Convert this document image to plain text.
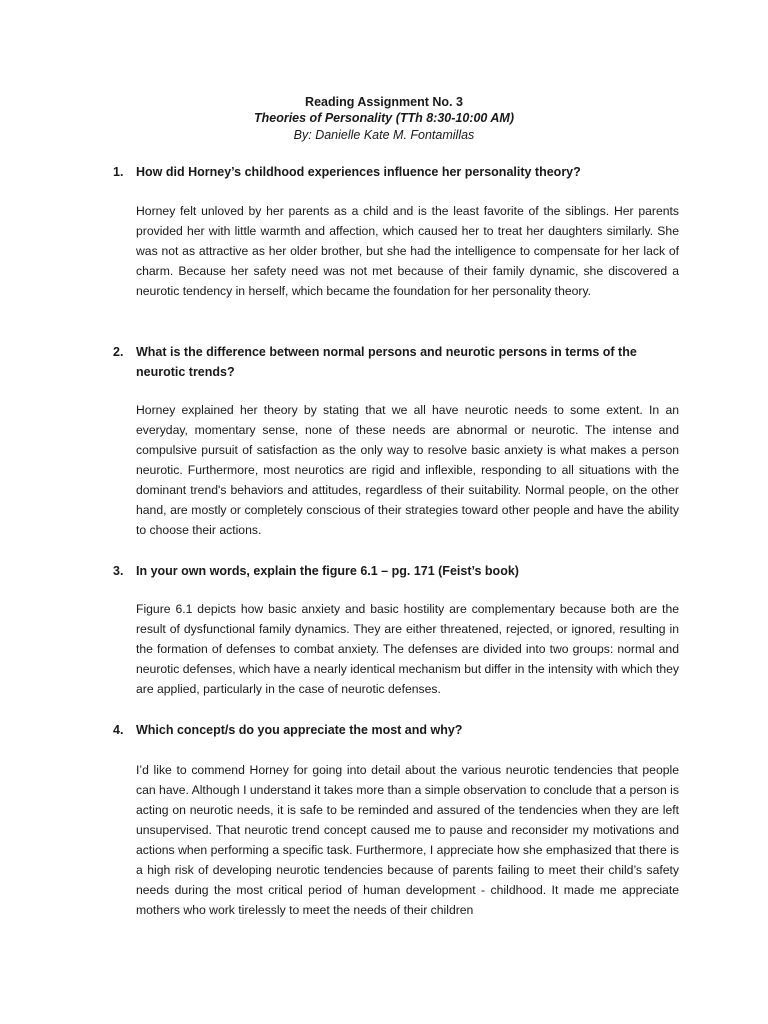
Reading Assignment No. 3
Theories of Personality (TTh 8:30-10:00 AM)
By: Danielle Kate M. Fontamillas
1. How did Horney’s childhood experiences influence her personality theory?
Horney felt unloved by her parents as a child and is the least favorite of the siblings. Her parents provided her with little warmth and affection, which caused her to treat her daughters similarly. She was not as attractive as her older brother, but she had the intelligence to compensate for her lack of charm. Because her safety need was not met because of their family dynamic, she discovered a neurotic tendency in herself, which became the foundation for her personality theory.
2. What is the difference between normal persons and neurotic persons in terms of the neurotic trends?
Horney explained her theory by stating that we all have neurotic needs to some extent. In an everyday, momentary sense, none of these needs are abnormal or neurotic. The intense and compulsive pursuit of satisfaction as the only way to resolve basic anxiety is what makes a person neurotic. Furthermore, most neurotics are rigid and inflexible, responding to all situations with the dominant trend's behaviors and attitudes, regardless of their suitability. Normal people, on the other hand, are mostly or completely conscious of their strategies toward other people and have the ability to choose their actions.
3. In your own words, explain the figure 6.1 – pg. 171 (Feist’s book)
Figure 6.1 depicts how basic anxiety and basic hostility are complementary because both are the result of dysfunctional family dynamics. They are either threatened, rejected, or ignored, resulting in the formation of defenses to combat anxiety. The defenses are divided into two groups: normal and neurotic defenses, which have a nearly identical mechanism but differ in the intensity with which they are applied, particularly in the case of neurotic defenses.
4. Which concept/s do you appreciate the most and why?
I’d like to commend Horney for going into detail about the various neurotic tendencies that people can have. Although I understand it takes more than a simple observation to conclude that a person is acting on neurotic needs, it is safe to be reminded and assured of the tendencies when they are left unsupervised. That neurotic trend concept caused me to pause and reconsider my motivations and actions when performing a specific task. Furthermore, I appreciate how she emphasized that there is a high risk of developing neurotic tendencies because of parents failing to meet their child’s safety needs during the most critical period of human development - childhood. It made me appreciate mothers who work tirelessly to meet the needs of their children
